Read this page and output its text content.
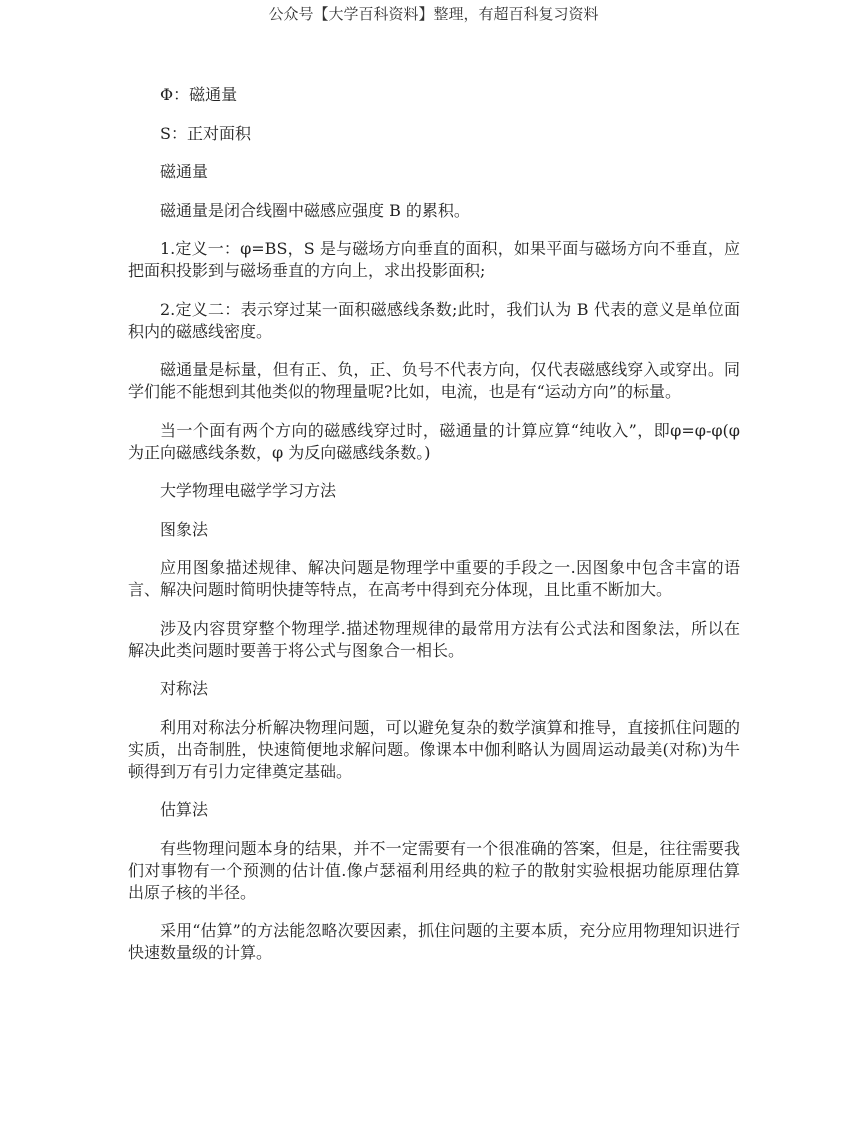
公众号【大学百科资料】整理，有超百科复习资料
Φ：磁通量
S：正对面积
磁通量
磁通量是闭合线圈中磁感应强度 B 的累积。
1.定义一：φ=BS，S 是与磁场方向垂直的面积，如果平面与磁场方向不垂直，应把面积投影到与磁场垂直的方向上，求出投影面积;
2.定义二：表示穿过某一面积磁感线条数;此时，我们认为 B 代表的意义是单位面积内的磁感线密度。
磁通量是标量，但有正、负，正、负号不代表方向，仅代表磁感线穿入或穿出。同学们能不能想到其他类似的物理量呢?比如，电流，也是有“运动方向”的标量。
当一个面有两个方向的磁感线穿过时，磁通量的计算应算“纯收入”，即φ=φ-φ(φ 为正向磁感线条数，φ 为反向磁感线条数。)
大学物理电磁学学习方法
图象法
应用图象描述规律、解决问题是物理学中重要的手段之一.因图象中包含丰富的语言、解决问题时简明快捷等特点，在高考中得到充分体现，且比重不断加大。
涉及内容贯穿整个物理学.描述物理规律的最常用方法有公式法和图象法，所以在解决此类问题时要善于将公式与图象合一相长。
对称法
利用对称法分析解决物理问题，可以避免复杂的数学演算和推导，直接抓住问题的实质，出奇制胜，快速简便地求解问题。像课本中伽利略认为圆周运动最美(对称)为牛顿得到万有引力定律奠定基础。
估算法
有些物理问题本身的结果，并不一定需要有一个很准确的答案，但是，往往需要我们对事物有一个预测的估计值.像卢瑟福利用经典的粒子的散射实验根据功能原理估算出原子核的半径。
采用“估算”的方法能忽略次要因素，抓住问题的主要本质，充分应用物理知识进行快速数量级的计算。
